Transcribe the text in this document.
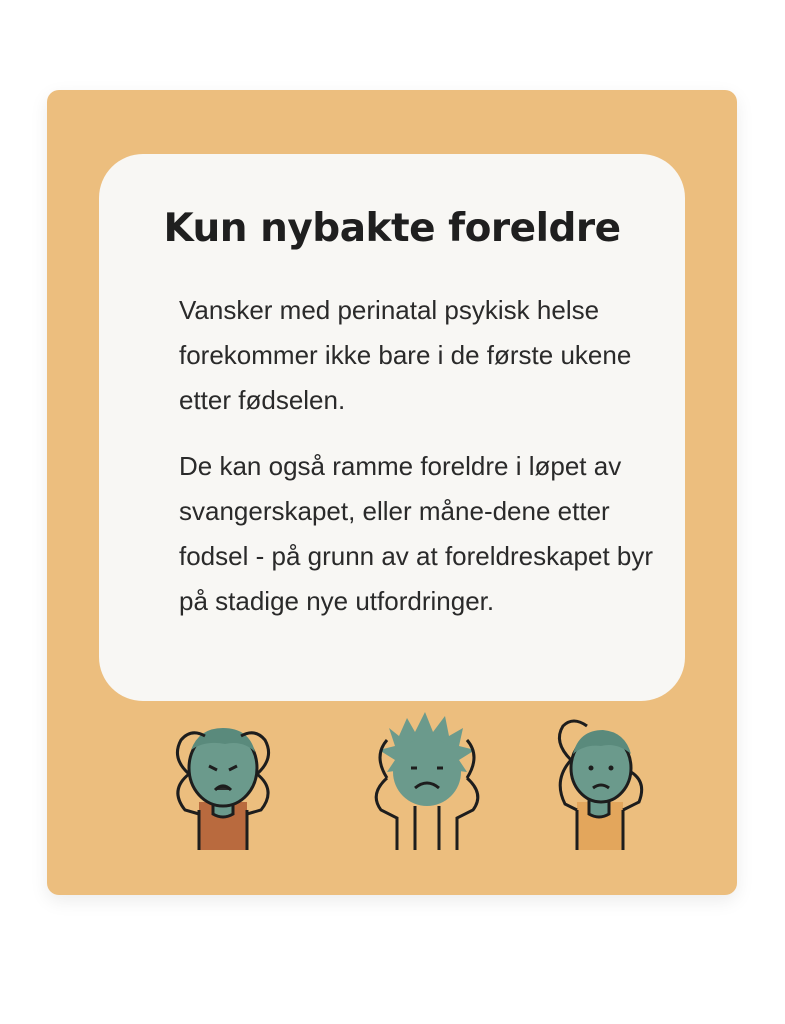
Kun nybakte foreldre

Vansker med perinatal psykisk helse forekommer ikke bare i de første ukene etter fødselen.

De kan også ramme foreldre i løpet av svangerskapet, eller måne-dene etter fodsel - på grunn av at foreldreskapet byr på stadige nye utfordringer.
